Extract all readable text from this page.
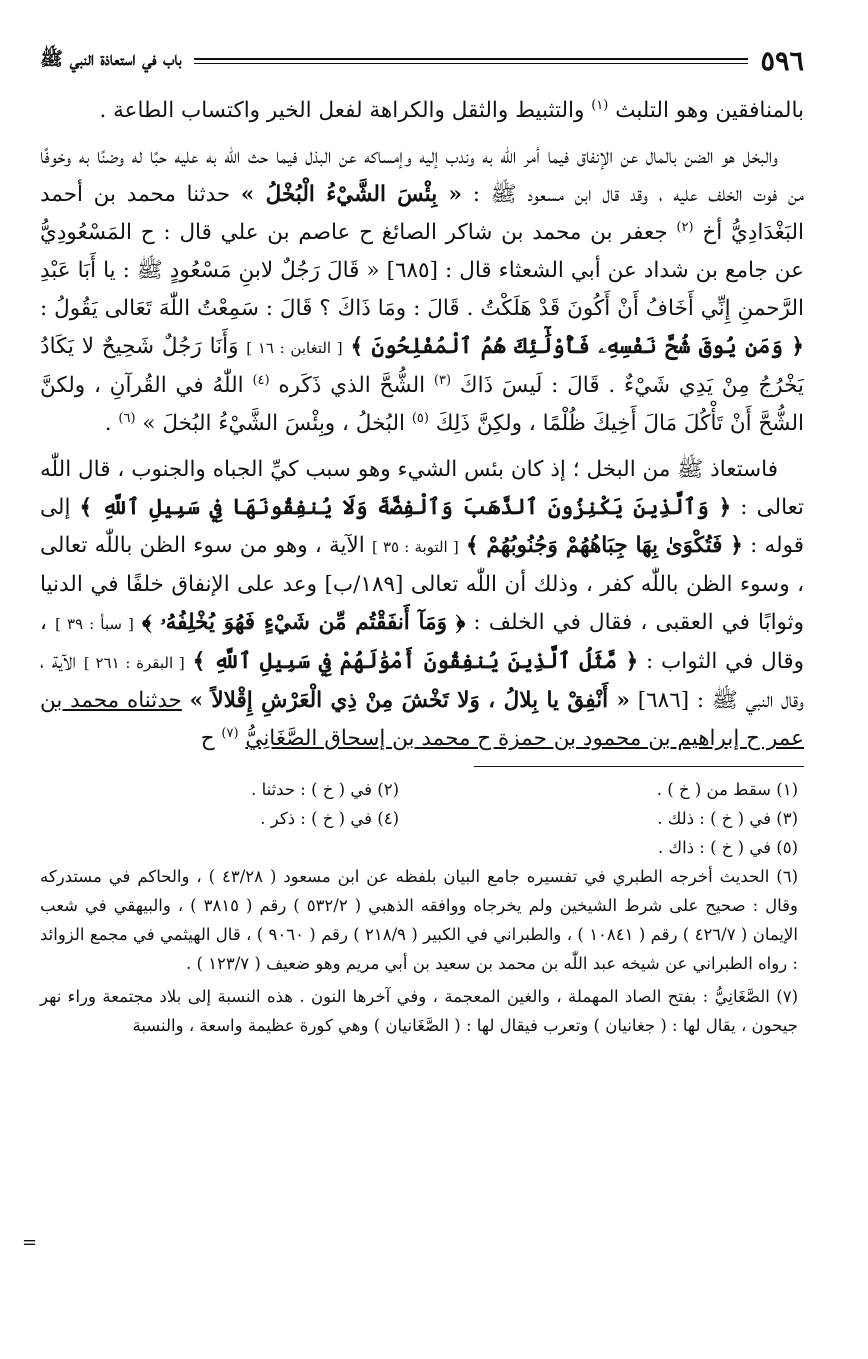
٥٩٦
باب في استعاذة النبي ﷺ

بالمنافقين وهو التلبث $^{(١)}$ والتثبيط والثقل والكراهة لفعل الخير واكتساب الطاعة .

والبخل هو الضن بالمال عن الإنفاق فيما أمر اللّٰه به وندب إليه وإمساكه عن البذل فيما حث اللّٰه به عليه حبًا له وضنًا به وخوفًا من فوت الخلف عليه ، وقد قال ابن مسعود ﷺ : « بِئْسَ الشَّيْءُ الْبُخْلُ » حدثنا محمد بن أحمد البَغْدَادِيُّ أخ $^{(٢)}$ جعفر بن محمد بن شاكر الصائغ ح عاصم بن علي قال : ح المَسْعُودِيُّ عن جامع بن شداد عن أبي الشعثاء قال : [٦٨٥] « قَالَ رَجُلٌ لابنِ مَسْعُودٍ ﷺ : يا أَبَا عَبْدِ الرَّحمنِ إِنِّي أَخَافُ أَنْ أَكُونَ قَدْ هَلَكْتُ . قَالَ : ومَا ذَاكَ ؟ قَالَ : سَمِعْتُ اللّٰهَ تَعَالى يَقُولُ : ﴿ وَمَن يُوقَ شُحَّ نَفْسِهِۦ فَأُوْلَٰٓئِكَ هُمُ ٱلْمُفْلِحُونَ ﴾ [ التغابن : ١٦ ] وَأَنَا رَجُلٌ شَحِيحٌ لا يَكَادُ يَخْرُجُ مِنْ يَدِي شَيْءٌ . قَالَ : لَيسَ ذَاكَ $^{(٣)}$ الشُّحَّ الذي ذَكَره $^{(٤)}$ اللّٰهُ في القُرآنِ ، ولكنَّ الشُّحَّ أَنْ تَأْكُلَ مَالَ أَخِيكَ ظُلْمًا ، ولكِنَّ ذَلِكَ $^{(٥)}$ البُخلُ ، وبِئْسَ الشَّيْءُ البُخلَ » $^{(٦)}$ .

فاستعاذ ﷺ من البخل ؛ إذ كان بئس الشيء وهو سبب كيِّ الجباه والجنوب ، قال اللّٰه تعالى : ﴿ وَٱلَّذِينَ يَكْنِزُونَ ٱلذَّهَبَ وَٱلْفِضَّةَ وَلَا يُنفِقُونَهَا فِي سَبِيلِ ٱللَّهِ ﴾ إلى قوله : ﴿ فَتُكْوَىٰ بِهَا جِبَاهُهُمْ وَجُنُوبُهُمْ ﴾ [ التوبة : ٣٥ ] الآية ، وهو من سوء الظن باللّٰه تعالى ، وسوء الظن باللّٰه كفر ، وذلك أن اللّٰه تعالى [١٨٩/ب] وعد على الإنفاق خلفًا في الدنيا وثوابًا في العقبى ، فقال في الخلف : ﴿ وَمَآ أَنفَقْتُم مِّن شَيْءٍ فَهُوَ يُخْلِفُهُۥ ﴾ [ سبأ : ٣٩ ] ، وقال في الثواب : ﴿ مَّثَلُ ٱلَّذِينَ يُنفِقُونَ أَمْوَٰلَهُمْ فِي سَبِيلِ ٱللَّهِ ﴾ [ البقرة : ٢٦١ ] الآية ، وقال النبي ﷺ : [٦٨٦] « أَنْفِقْ يا بِلالُ ، وَلا تَخْشَ مِنْ ذِي الْعَرْشِ إِقْلالاً » حدثناه محمد بن عمر ح إبراهيم بن محمود بن حمزة ح محمد بن إسحاق الصَّغَانِيُّ $^{(٧)}$ ح

(١) سقط من ( خ ) .
(٢) في ( خ ) : حدثنا .
(٣) في ( خ ) : ذلك .
(٤) في ( خ ) : ذكر .
(٥) في ( خ ) : ذاك .

(٦) الحديث أخرجه الطبري في تفسيره جامع البيان بلفظه عن ابن مسعود ( ٤٣/٢٨ ) ، والحاكم في مستدركه وقال : صحيح على شرط الشيخين ولم يخرجاه ووافقه الذهبي ( ٥٣٢/٢ ) رقم ( ٣٨١٥ ) ، والبيهقي في شعب الإيمان ( ٤٢٦/٧ ) رقم ( ١٠٨٤١ ) ، والطبراني في الكبير ( ٢١٨/٩ ) رقم ( ٩٠٦٠ ) ، قال الهيثمي في مجمع الزوائد : رواه الطبراني عن شيخه عبد اللّٰه بن محمد بن سعيد بن أبي مريم وهو ضعيف ( ١٢٣/٧ ) .

(٧) الصَّغَانِيُّ : بفتح الصاد المهملة ، والغين المعجمة ، وفي آخرها النون . هذه النسبة إلى بلاد مجتمعة وراء نهر جيحون ، يقال لها : ( جغانيان ) وتعرب فيقال لها : ( الصَّغَانيان ) وهي كورة عظيمة واسعة ، والنسبة

=
